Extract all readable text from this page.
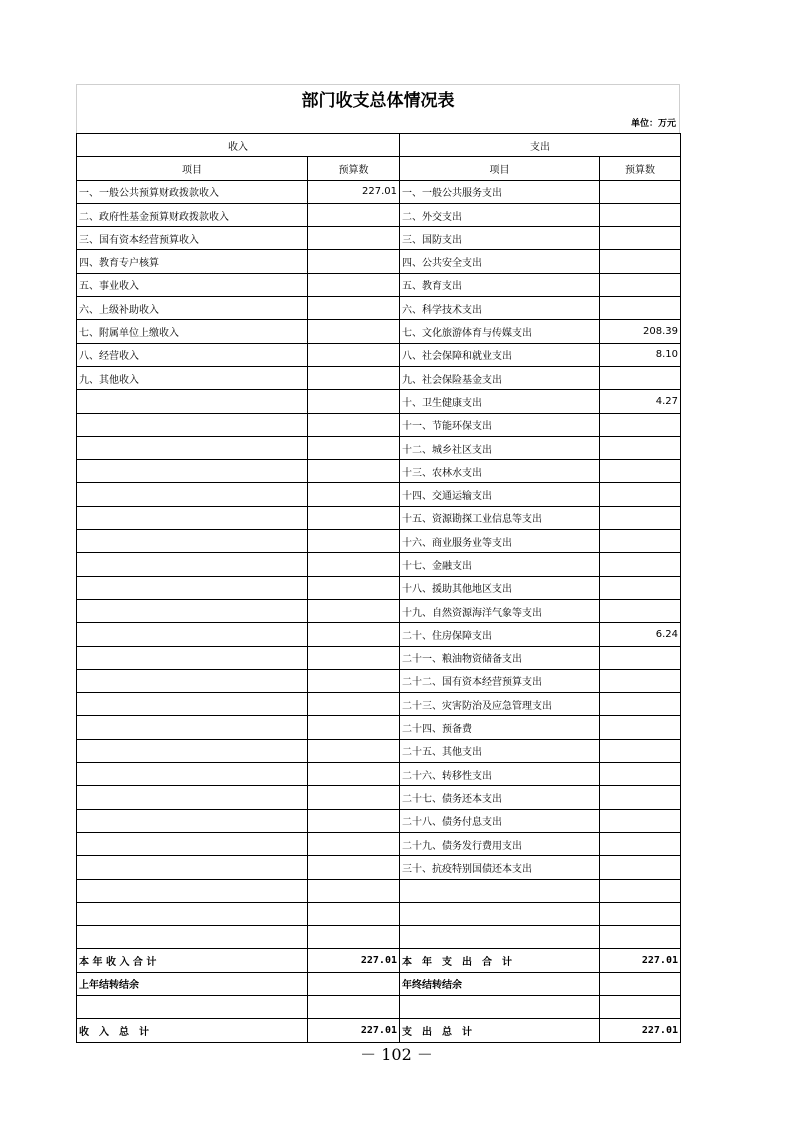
部门收支总体情况表
单位：万元
收入		支出	
项目	预算数	项目	预算数
一、一般公共预算财政拨款收入	227.01	一、一般公共服务支出	
二、政府性基金预算财政拨款收入		二、外交支出	
三、国有资本经营预算收入		三、国防支出	
四、教育专户核算		四、公共安全支出	
五、事业收入		五、教育支出	
六、上级补助收入		六、科学技术支出	
七、附属单位上缴收入		七、文化旅游体育与传媒支出	208.39
八、经营收入		八、社会保障和就业支出	8.10
九、其他收入		九、社会保险基金支出	
		十、卫生健康支出	4.27
		十一、节能环保支出	
		十二、城乡社区支出	
		十三、农林水支出	
		十四、交通运输支出	
		十五、资源勘探工业信息等支出	
		十六、商业服务业等支出	
		十七、金融支出	
		十八、援助其他地区支出	
		十九、自然资源海洋气象等支出	
		二十、住房保障支出	6.24
		二十一、粮油物资储备支出	
		二十二、国有资本经营预算支出	
		二十三、灾害防治及应急管理支出	
		二十四、预备费	
		二十五、其他支出	
		二十六、转移性支出	
		二十七、债务还本支出	
		二十八、债务付息支出	
		二十九、债务发行费用支出	
		三十、抗疫特别国债还本支出	

本 年 收 入 合 计	227.01	本　年　支　出　合　计	227.01
上年结转结余		年终结转结余	

收　入　总　计	227.01	支　出　总　计	227.01
－ 102 －
